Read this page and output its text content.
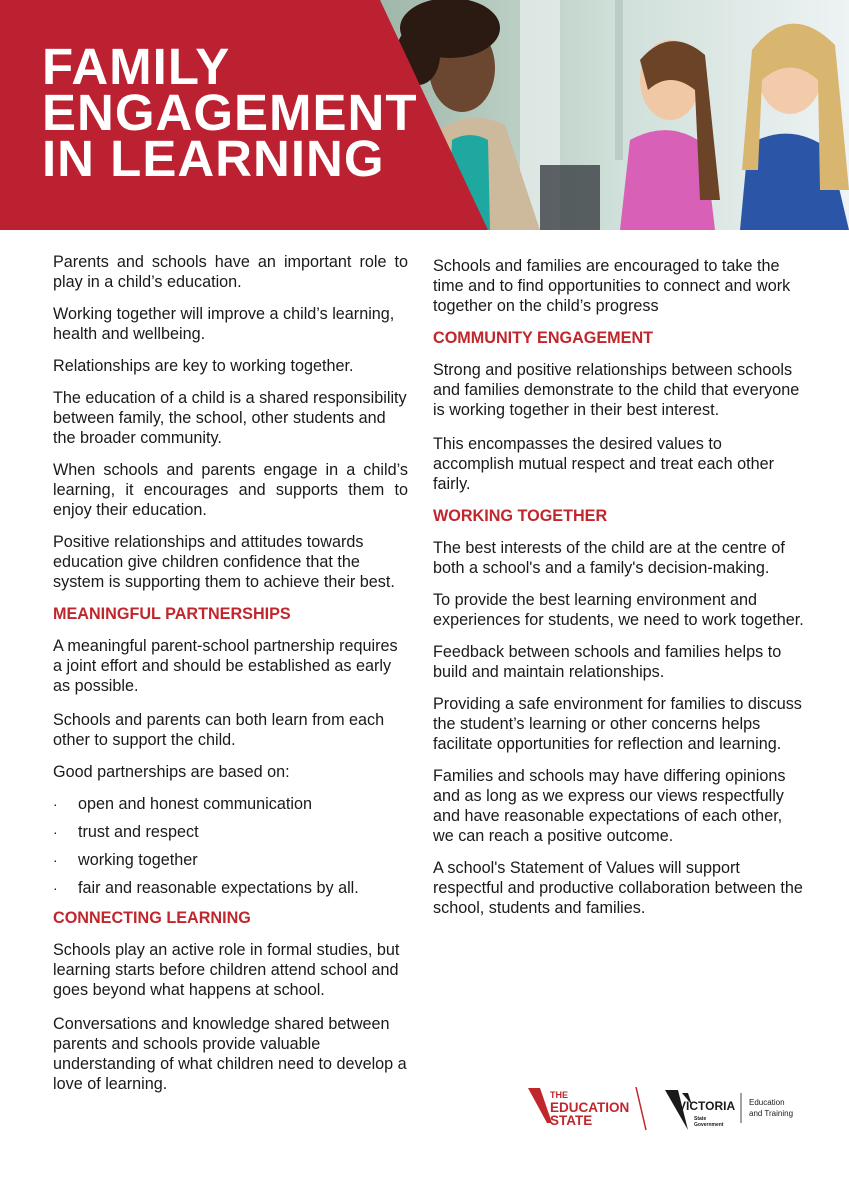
FAMILY
ENGAGEMENT
IN LEARNING

Parents and schools have an important role to play in a child’s education.

Working together will improve a child’s learning, health and wellbeing.

Relationships are key to working together.

The education of a child is a shared responsibility between family, the school, other students and the broader community.

When schools and parents engage in a child’s learning, it encourages and supports them to enjoy their education.

Positive relationships and attitudes towards education give children confidence that the system is supporting them to achieve their best.

MEANINGFUL PARTNERSHIPS

A meaningful parent-school partnership requires a joint effort and should be established as early as possible.

Schools and parents can both learn from each other to support the child.

Good partnerships are based on:

· open and honest communication
· trust and respect
· working together
· fair and reasonable expectations by all.
CONNECTING LEARNING

Schools play an active role in formal studies, but learning starts before children attend school and goes beyond what happens at school.

Conversations and knowledge shared between parents and schools provide valuable understanding of what children need to develop a love of learning.

Schools and families are encouraged to take the time and to find opportunities to connect and work together on the child’s progress

COMMUNITY ENGAGEMENT

Strong and positive relationships between schools and families demonstrate to the child that everyone is working together in their best interest.

This encompasses the desired values to accomplish mutual respect and treat each other fairly.

WORKING TOGETHER

The best interests of the child are at the centre of both a school's and a family's decision-making.

To provide the best learning environment and experiences for students, we need to work together.

Feedback between schools and families helps to build and maintain relationships.

Providing a safe environment for families to discuss the student’s learning or other concerns helps facilitate opportunities for reflection and learning.

Families and schools may have differing opinions and as long as we express our views respectfully and have reasonable expectations of each other, we can reach a positive outcome.

A school's Statement of Values will support respectful and productive collaboration between the school, students and families.

THE
EDUCATION
STATE
VICTORIA
State
Government
Education
and Training
